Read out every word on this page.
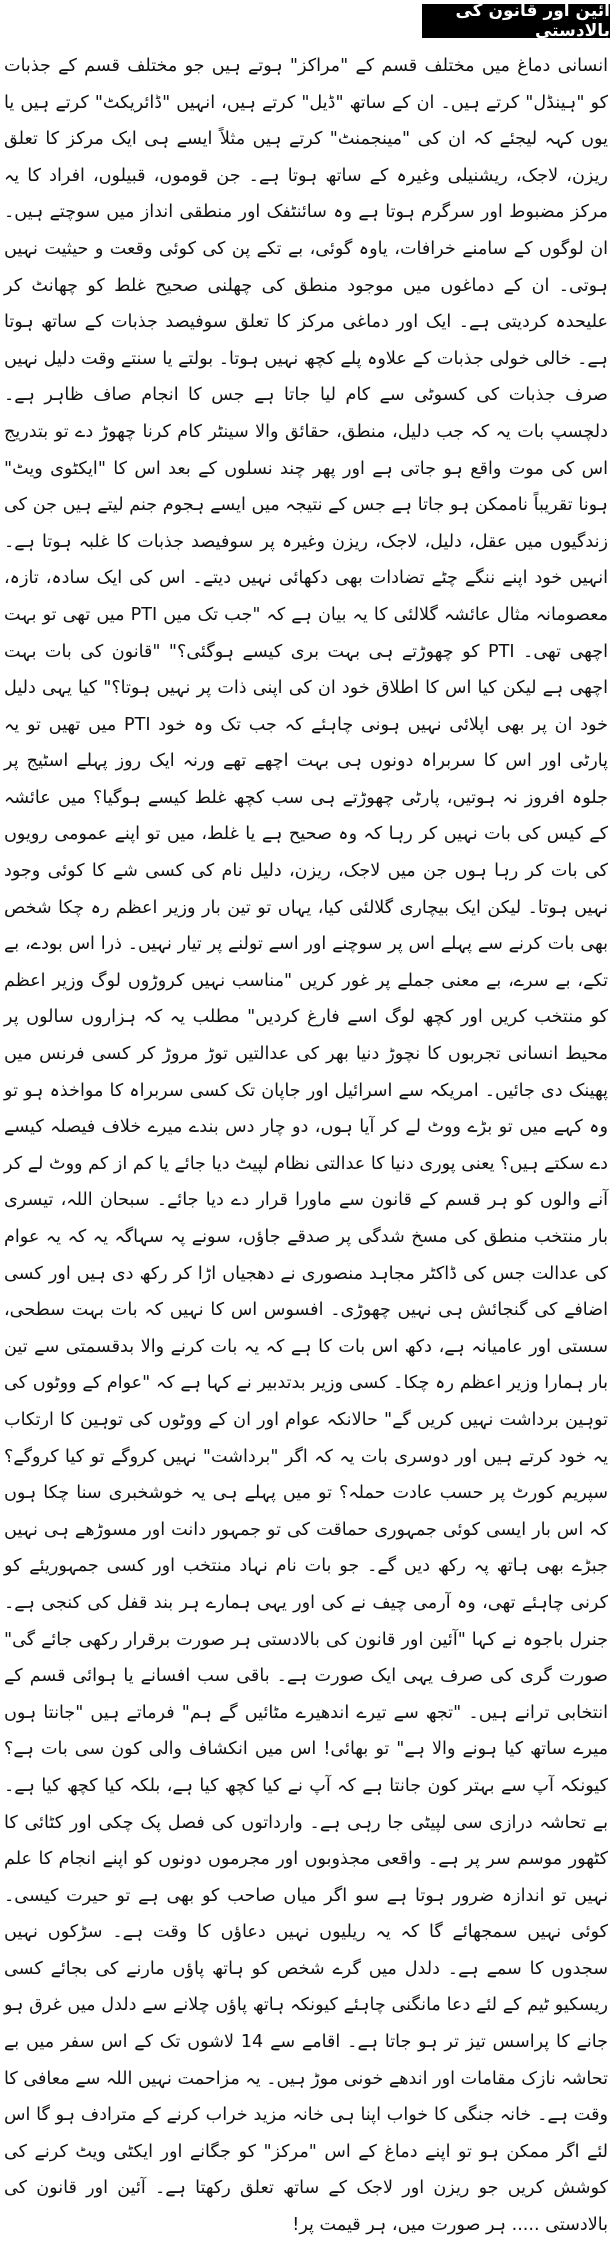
آئین اور قانون کی بالادستی

انسانی دماغ میں مختلف قسم کے "مراکز" ہوتے ہیں جو مختلف قسم کے جذبات کو "ہینڈل" کرتے ہیں۔ ان کے ساتھ "ڈیل" کرتے ہیں، انہیں "ڈائریکٹ" کرتے ہیں یا یوں کہہ لیجئے کہ ان کی "مینجمنٹ" کرتے ہیں مثلاً ایسے ہی ایک مرکز کا تعلق ریزن، لاجک، ریشنیلی وغیرہ کے ساتھ ہوتا ہے۔ جن قوموں، قبیلوں، افراد کا یہ مرکز مضبوط اور سرگرم ہوتا ہے وہ سائنٹفک اور منطقی انداز میں سوچتے ہیں۔ ان لوگوں کے سامنے خرافات، یاوہ گوئی، بے تکے پن کی کوئی وقعت و حیثیت نہیں ہوتی۔ ان کے دماغوں میں موجود منطق کی چھلنی صحیح غلط کو چھانٹ کر علیحدہ کردیتی ہے۔ ایک اور دماغی مرکز کا تعلق سوفیصد جذبات کے ساتھ ہوتا ہے۔ خالی خولی جذبات کے علاوہ پلے کچھ نہیں ہوتا۔ بولتے یا سنتے وقت دلیل نہیں صرف جذبات کی کسوٹی سے کام لیا جاتا ہے جس کا انجام صاف ظاہر ہے۔ دلچسپ بات یہ کہ جب دلیل، منطق، حقائق والا سینٹر کام کرنا چھوڑ دے تو بتدریج اس کی موت واقع ہو جاتی ہے اور پھر چند نسلوں کے بعد اس کا "ایکٹوی ویٹ" ہونا تقریباً ناممکن ہو جاتا ہے جس کے نتیجہ میں ایسے ہجوم جنم لیتے ہیں جن کی زندگیوں میں عقل، دلیل، لاجک، ریزن وغیرہ پر سوفیصد جذبات کا غلبہ ہوتا ہے۔ انہیں خود اپنے ننگے چٹے تضادات بھی دکھائی نہیں دیتے۔ اس کی ایک سادہ، تازہ، معصومانہ مثال عائشہ گلالئی کا یہ بیان ہے کہ "جب تک میں PTI میں تھی تو بہت اچھی تھی۔ PTI کو چھوڑتے ہی بہت بری کیسے ہوگئی؟" "قانون کی بات بہت اچھی ہے لیکن کیا اس کا اطلاق خود ان کی اپنی ذات پر نہیں ہوتا؟" کیا یہی دلیل خود ان پر بھی اپلائی نہیں ہونی چاہئے کہ جب تک وہ خود PTI میں تھیں تو یہ پارٹی اور اس کا سربراہ دونوں ہی بہت اچھے تھے ورنہ ایک روز پہلے اسٹیج پر جلوہ افروز نہ ہوتیں، پارٹی چھوڑتے ہی سب کچھ غلط کیسے ہوگیا؟ میں عائشہ کے کیس کی بات نہیں کر رہا کہ وہ صحیح ہے یا غلط، میں تو اپنے عمومی رویوں کی بات کر رہا ہوں جن میں لاجک، ریزن، دلیل نام کی کسی شے کا کوئی وجود نہیں ہوتا۔ لیکن ایک بیچاری گلالئی کیا، یہاں تو تین بار وزیر اعظم رہ چکا شخص بھی بات کرنے سے پہلے اس پر سوچنے اور اسے تولنے پر تیار نہیں۔ ذرا اس بودے، بے تکے، بے سرے، بے معنی جملے پر غور کریں "مناسب نہیں کروڑوں لوگ وزیر اعظم کو منتخب کریں اور کچھ لوگ اسے فارغ کردیں" مطلب یہ کہ ہزاروں سالوں پر محیط انسانی تجربوں کا نچوڑ دنیا بھر کی عدالتیں توڑ مروڑ کر کسی فرنس میں پھینک دی جائیں۔ امریکہ سے اسرائیل اور جاپان تک کسی سربراہ کا مواخذہ ہو تو وہ کہے میں تو بڑے ووٹ لے کر آیا ہوں، دو چار دس بندے میرے خلاف فیصلہ کیسے دے سکتے ہیں؟ یعنی پوری دنیا کا عدالتی نظام لپیٹ دیا جائے یا کم از کم ووٹ لے کر آنے والوں کو ہر قسم کے قانون سے ماورا قرار دے دیا جائے۔ سبحان اللہ، تیسری بار منتخب منطق کی مسخ شدگی پر صدقے جاؤں، سونے پہ سہاگہ یہ کہ یہ عوام کی عدالت جس کی ڈاکٹر مجاہد منصوری نے دھجیاں اڑا کر رکھ دی ہیں اور کسی اضافے کی گنجائش ہی نہیں چھوڑی۔ افسوس اس کا نہیں کہ بات بہت سطحی، سستی اور عامیانہ ہے، دکھ اس بات کا ہے کہ یہ بات کرنے والا بدقسمتی سے تین بار ہمارا وزیر اعظم رہ چکا۔ کسی وزیر بدتدبیر نے کہا ہے کہ "عوام کے ووٹوں کی توہین برداشت نہیں کریں گے" حالانکہ عوام اور ان کے ووٹوں کی توہین کا ارتکاب یہ خود کرتے ہیں اور دوسری بات یہ کہ اگر "برداشت" نہیں کروگے تو کیا کروگے؟ سپریم کورٹ پر حسب عادت حملہ؟ تو میں پہلے ہی یہ خوشخبری سنا چکا ہوں کہ اس بار ایسی کوئی جمہوری حماقت کی تو جمہور دانت اور مسوڑھے ہی نہیں جبڑے بھی ہاتھ پہ رکھ دیں گے۔ جو بات نام نہاد منتخب اور کسی جمہوریئے کو کرنی چاہئے تھی، وہ آرمی چیف نے کی اور یہی ہمارے ہر بند قفل کی کنجی ہے۔ جنرل باجوہ نے کہا "آئین اور قانون کی بالادستی ہر صورت برقرار رکھی جائے گی" صورت گری کی صرف یہی ایک صورت ہے۔ باقی سب افسانے یا ہوائی قسم کے انتخابی ترانے ہیں۔ "تجھ سے تیرے اندھیرے مٹائیں گے ہم" فرماتے ہیں "جانتا ہوں میرے ساتھ کیا ہونے والا ہے" تو بھائی! اس میں انکشاف والی کون سی بات ہے؟ کیونکہ آپ سے بہتر کون جانتا ہے کہ آپ نے کیا کچھ کیا ہے، بلکہ کیا کچھ کیا ہے۔ بے تحاشہ درازی سی لپیٹی جا رہی ہے۔ وارداتوں کی فصل پک چکی اور کٹائی کا کٹھور موسم سر پر ہے۔ واقعی مجذوبوں اور مجرموں دونوں کو اپنے انجام کا علم نہیں تو اندازہ ضرور ہوتا ہے سو اگر میاں صاحب کو بھی ہے تو حیرت کیسی۔ کوئی نہیں سمجھائے گا کہ یہ ریلیوں نہیں دعاؤں کا وقت ہے۔ سڑکوں نہیں سجدوں کا سمے ہے۔ دلدل میں گرے شخص کو ہاتھ پاؤں مارنے کی بجائے کسی ریسکیو ٹیم کے لئے دعا مانگنی چاہئے کیونکہ ہاتھ پاؤں چلانے سے دلدل میں غرق ہو جانے کا پراسس تیز تر ہو جاتا ہے۔ اقامے سے 14 لاشوں تک کے اس سفر میں بے تحاشہ نازک مقامات اور اندھے خونی موڑ ہیں۔ یہ مزاحمت نہیں اللہ سے معافی کا وقت ہے۔ خانہ جنگی کا خواب اپنا ہی خانہ مزید خراب کرنے کے مترادف ہو گا اس لئے اگر ممکن ہو تو اپنے دماغ کے اس "مرکز" کو جگانے اور ایکٹی ویٹ کرنے کی کوشش کریں جو ریزن اور لاجک کے ساتھ تعلق رکھتا ہے۔ آئین اور قانون کی بالادستی ..... ہر صورت میں، ہر قیمت پر!
